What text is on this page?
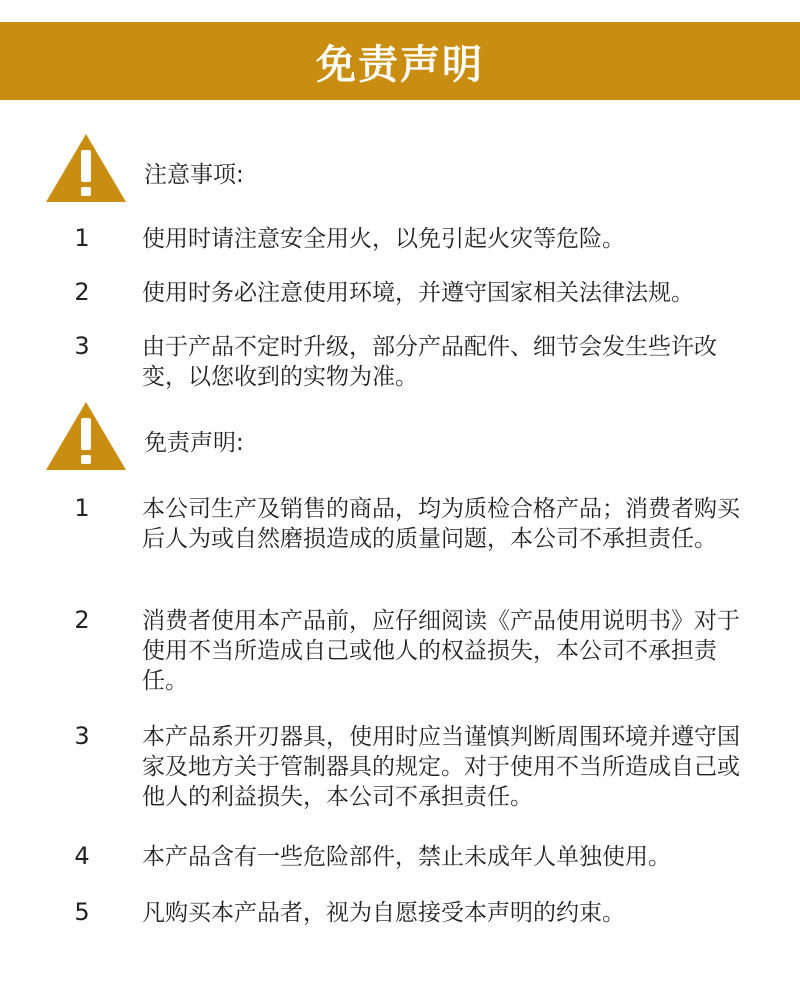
免责声明
注意事项:
1	使用时请注意安全用火，以免引起火灾等危险。
2	使用时务必注意使用环境，并遵守国家相关法律法规。
3	由于产品不定时升级，部分产品配件、细节会发生些许改变，以您收到的实物为准。
免责声明:
1	本公司生产及销售的商品，均为质检合格产品；消费者购买后人为或自然磨损造成的质量问题，本公司不承担责任。
2	消费者使用本产品前，应仔细阅读《产品使用说明书》对于使用不当所造成自己或他人的权益损失，本公司不承担责任。
3	本产品系开刃器具，使用时应当谨慎判断周围环境并遵守国家及地方关于管制器具的规定。对于使用不当所造成自己或他人的利益损失，本公司不承担责任。
4	本产品含有一些危险部件，禁止未成年人单独使用。
5	凡购买本产品者，视为自愿接受本声明的约束。
